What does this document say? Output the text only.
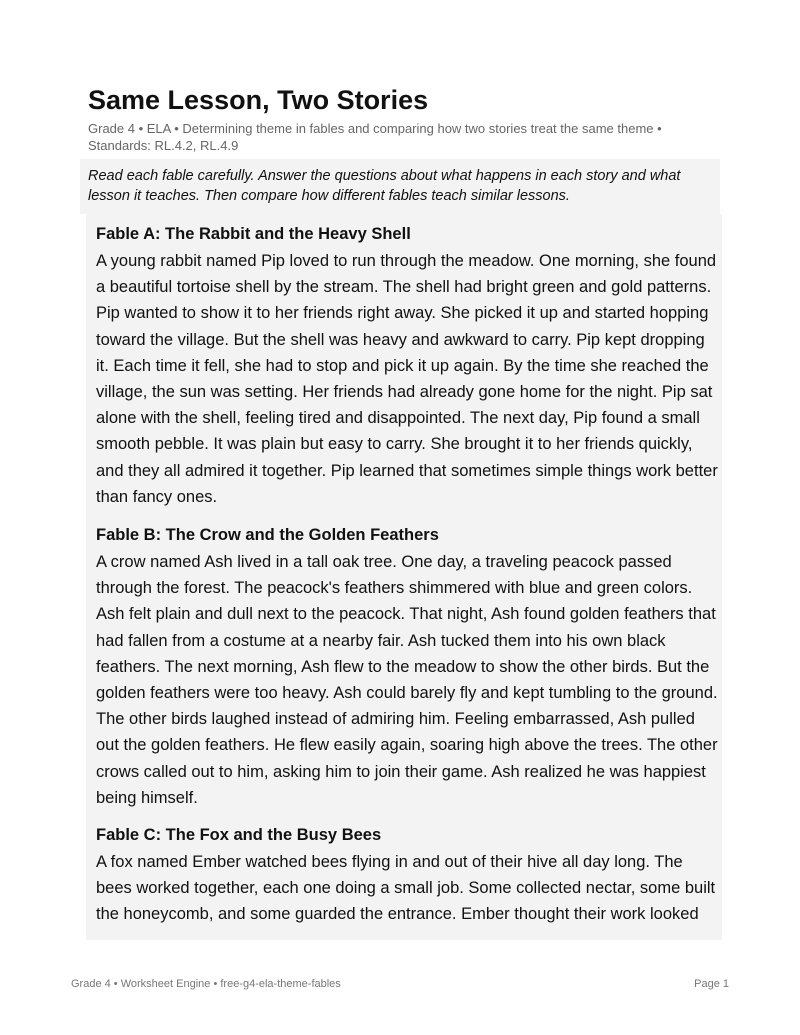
Same Lesson, Two Stories
Grade 4 • ELA • Determining theme in fables and comparing how two stories treat the same theme • Standards: RL.4.2, RL.4.9
Read each fable carefully. Answer the questions about what happens in each story and what lesson it teaches. Then compare how different fables teach similar lessons.
Fable A: The Rabbit and the Heavy Shell

A young rabbit named Pip loved to run through the meadow. One morning, she found a beautiful tortoise shell by the stream. The shell had bright green and gold patterns. Pip wanted to show it to her friends right away. She picked it up and started hopping toward the village. But the shell was heavy and awkward to carry. Pip kept dropping it. Each time it fell, she had to stop and pick it up again. By the time she reached the village, the sun was setting. Her friends had already gone home for the night. Pip sat alone with the shell, feeling tired and disappointed. The next day, Pip found a small smooth pebble. It was plain but easy to carry. She brought it to her friends quickly, and they all admired it together. Pip learned that sometimes simple things work better than fancy ones.

Fable B: The Crow and the Golden Feathers

A crow named Ash lived in a tall oak tree. One day, a traveling peacock passed through the forest. The peacock's feathers shimmered with blue and green colors. Ash felt plain and dull next to the peacock. That night, Ash found golden feathers that had fallen from a costume at a nearby fair. Ash tucked them into his own black feathers. The next morning, Ash flew to the meadow to show the other birds. But the golden feathers were too heavy. Ash could barely fly and kept tumbling to the ground. The other birds laughed instead of admiring him. Feeling embarrassed, Ash pulled out the golden feathers. He flew easily again, soaring high above the trees. The other crows called out to him, asking him to join their game. Ash realized he was happiest being himself.

Fable C: The Fox and the Busy Bees

A fox named Ember watched bees flying in and out of their hive all day long. The bees worked together, each one doing a small job. Some collected nectar, some built the honeycomb, and some guarded the entrance. Ember thought their work looked

Grade 4 • Worksheet Engine • free-g4-ela-theme-fables	Page 1
